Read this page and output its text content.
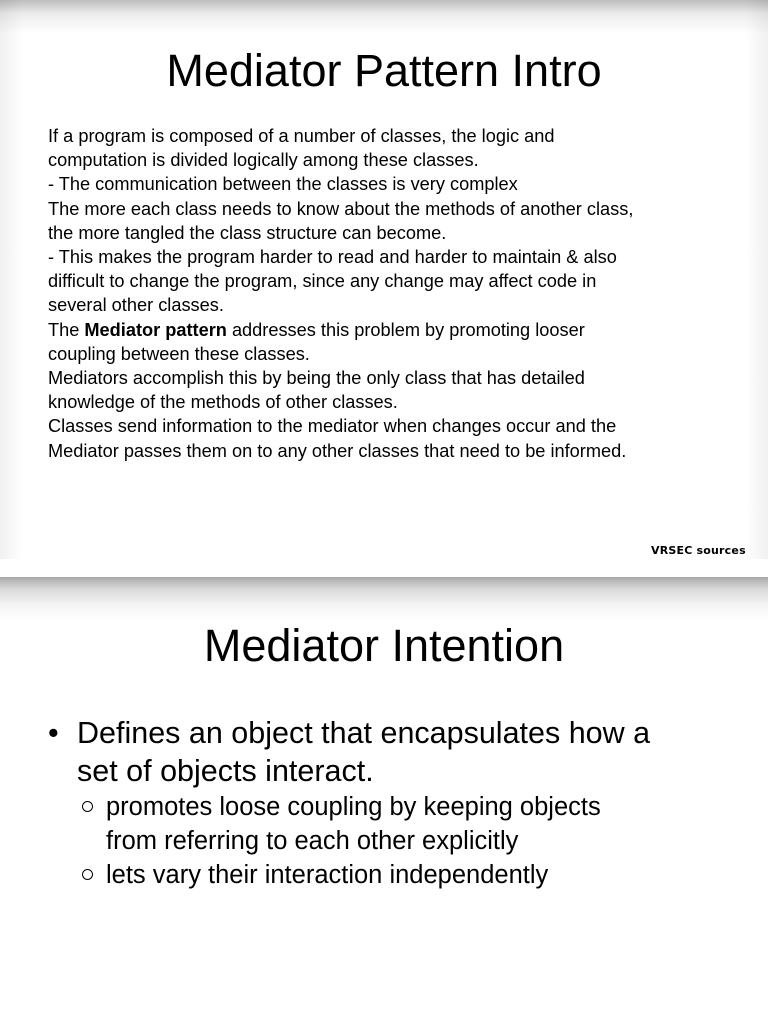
Mediator Pattern Intro
If a program is composed of a number of classes, the logic and
computation is divided logically among these classes.
- The communication between the classes is very complex
The more each class needs to know about the methods of another class,
the more tangled the class structure can become.
- This makes the program harder to read and harder to maintain & also
difficult to change the program, since any change may affect code in
several other classes.
The Mediator pattern addresses this problem by promoting looser
coupling between these classes.
Mediators accomplish this by being the only class that has detailed
knowledge of the methods of other classes.
Classes send information to the mediator when changes occur and the
Mediator passes them on to any other classes that need to be informed.
VRSEC sources
Mediator Intention
• Defines an object that encapsulates how a
set of objects interact.
promotes loose coupling by keeping objects
from referring to each other explicitly
lets vary their interaction independently
